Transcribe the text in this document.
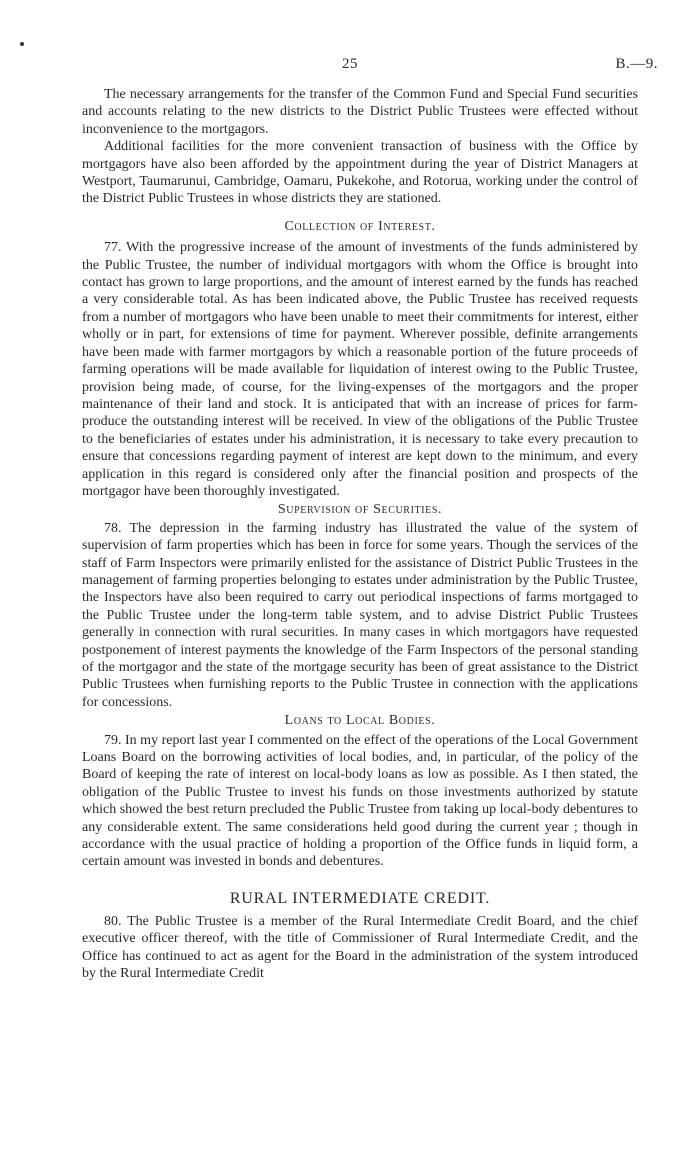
25	B.—9.

The necessary arrangements for the transfer of the Common Fund and Special Fund securities and accounts relating to the new districts to the District Public Trustees were effected without inconvenience to the mortgagors.

Additional facilities for the more convenient transaction of business with the Office by mortgagors have also been afforded by the appointment during the year of District Managers at Westport, Taumarunui, Cambridge, Oamaru, Pukekohe, and Rotorua, working under the control of the District Public Trustees in whose districts they are stationed.

Collection of Interest.

77. With the progressive increase of the amount of investments of the funds administered by the Public Trustee, the number of individual mortgagors with whom the Office is brought into contact has grown to large proportions, and the amount of interest earned by the funds has reached a very considerable total. As has been indicated above, the Public Trustee has received requests from a number of mortgagors who have been unable to meet their commitments for interest, either wholly or in part, for extensions of time for payment. Wherever possible, definite arrangements have been made with farmer mortgagors by which a reasonable portion of the future proceeds of farming operations will be made available for liquidation of interest owing to the Public Trustee, provision being made, of course, for the living-expenses of the mortgagors and the proper maintenance of their land and stock. It is anticipated that with an increase of prices for farm-produce the outstanding interest will be received. In view of the obligations of the Public Trustee to the beneficiaries of estates under his administration, it is necessary to take every precaution to ensure that concessions regarding payment of interest are kept down to the minimum, and every application in this regard is considered only after the financial position and prospects of the mortgagor have been thoroughly investigated.

Supervision of Securities.

78. The depression in the farming industry has illustrated the value of the system of supervision of farm properties which has been in force for some years. Though the services of the staff of Farm Inspectors were primarily enlisted for the assistance of District Public Trustees in the management of farming properties belonging to estates under administration by the Public Trustee, the Inspectors have also been required to carry out periodical inspections of farms mortgaged to the Public Trustee under the long-term table system, and to advise District Public Trustees generally in connection with rural securities. In many cases in which mortgagors have requested postponement of interest payments the knowledge of the Farm Inspectors of the personal standing of the mortgagor and the state of the mortgage security has been of great assistance to the District Public Trustees when furnishing reports to the Public Trustee in connection with the applications for concessions.

Loans to Local Bodies.

79. In my report last year I commented on the effect of the operations of the Local Government Loans Board on the borrowing activities of local bodies, and, in particular, of the policy of the Board of keeping the rate of interest on local-body loans as low as possible. As I then stated, the obligation of the Public Trustee to invest his funds on those investments authorized by statute which showed the best return precluded the Public Trustee from taking up local-body debentures to any considerable extent. The same considerations held good during the current year ; though in accordance with the usual practice of holding a proportion of the Office funds in liquid form, a certain amount was invested in bonds and debentures.

RURAL INTERMEDIATE CREDIT.

80. The Public Trustee is a member of the Rural Intermediate Credit Board, and the chief executive officer thereof, with the title of Commissioner of Rural Intermediate Credit, and the Office has continued to act as agent for the Board in the administration of the system introduced by the Rural Intermediate Credit
